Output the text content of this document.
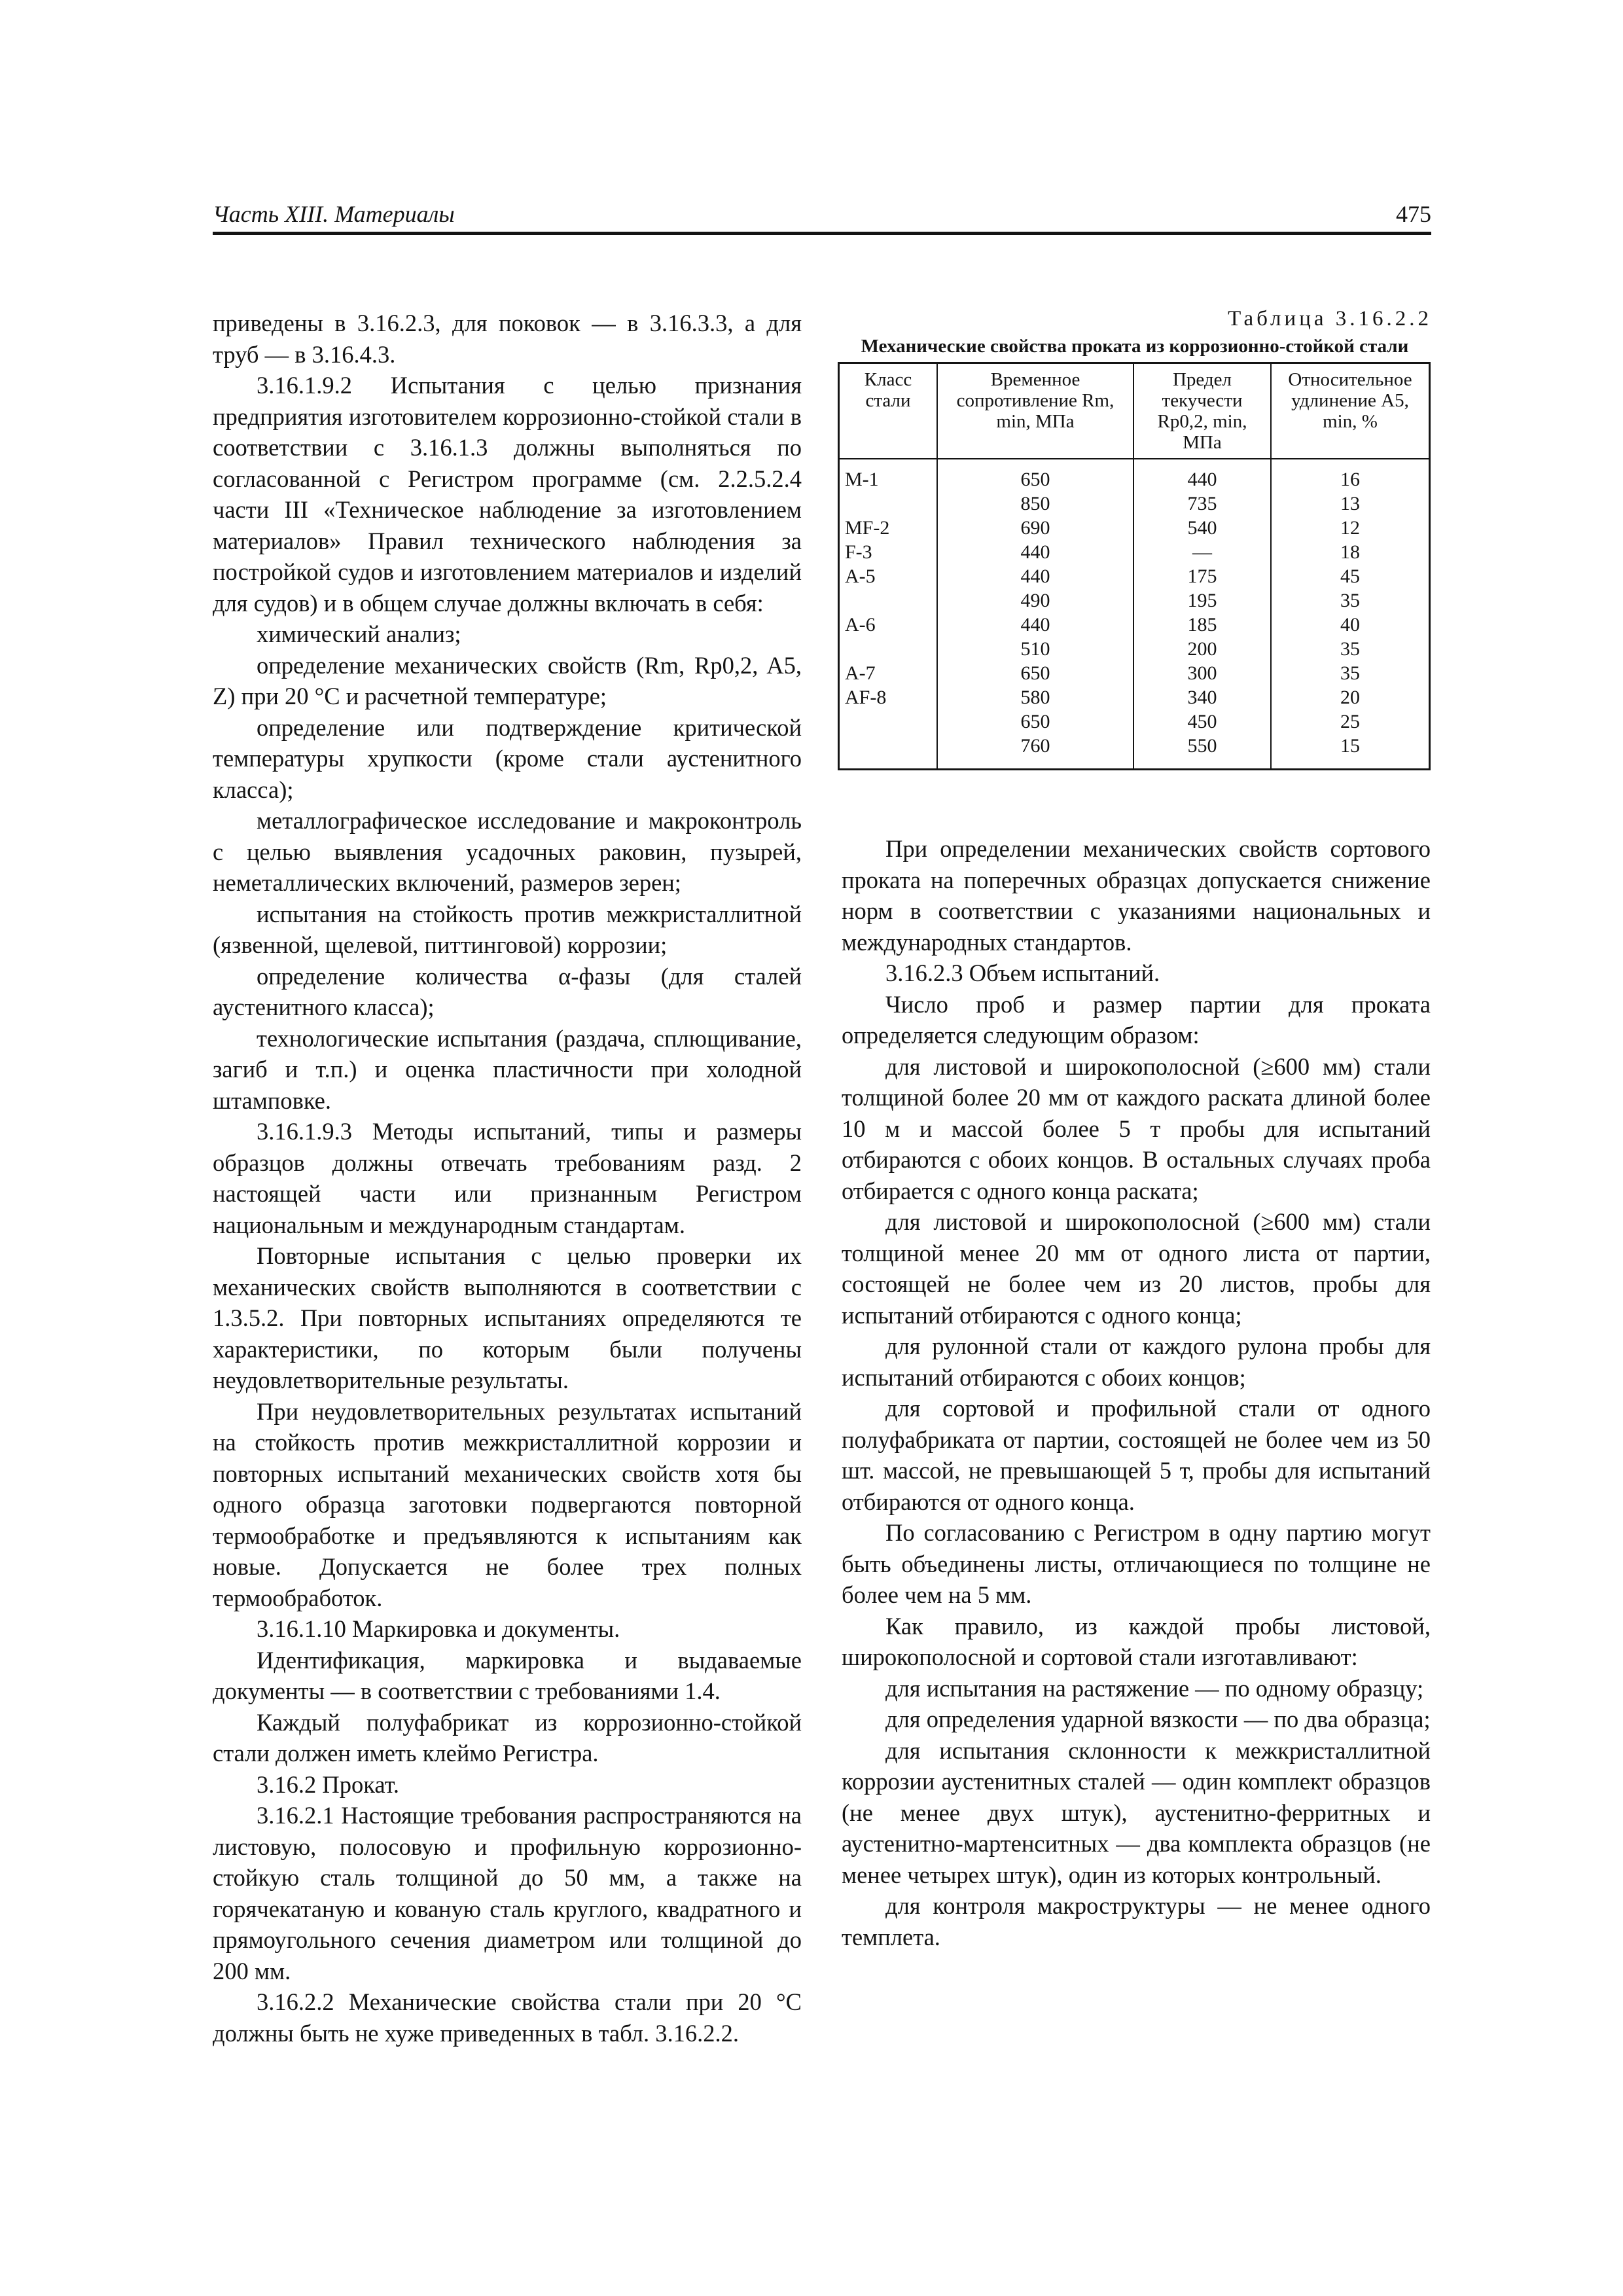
Часть XIII. Материалы	475

приведены в 3.16.2.3, для поковок — в 3.16.3.3, а для труб — в 3.16.4.3.

3.16.1.9.2 Испытания с целью признания предприятия изготовителем коррозионно-стойкой стали в соответствии с 3.16.1.3 должны выполняться по согласованной с Регистром программе (см. 2.2.5.2.4 части III «Техническое наблюдение за изготовлением материалов» Правил технического наблюдения за постройкой судов и изготовлением материалов и изделий для судов) и в общем случае должны включать в себя:

химический анализ;

определение механических свойств (Rm, Rp0,2, A5, Z) при 20 °C и расчетной температуре;

определение или подтверждение критической температуры хрупкости (кроме стали аустенитного класса);

металлографическое исследование и макроконтроль с целью выявления усадочных раковин, пузырей, неметаллических включений, размеров зерен;

испытания на стойкость против межкристаллитной (язвенной, щелевой, питтинговой) коррозии;

определение количества α-фазы (для сталей аустенитного класса);

технологические испытания (раздача, сплющивание, загиб и т.п.) и оценка пластичности при холодной штамповке.

3.16.1.9.3 Методы испытаний, типы и размеры образцов должны отвечать требованиям разд. 2 настоящей части или признанным Регистром национальным и международным стандартам.

Повторные испытания с целью проверки их механических свойств выполняются в соответствии с 1.3.5.2. При повторных испытаниях определяются те характеристики, по которым были получены неудовлетворительные результаты.

При неудовлетворительных результатах испытаний на стойкость против межкристаллитной коррозии и повторных испытаний механических свойств хотя бы одного образца заготовки подвергаются повторной термообработке и предъявляются к испытаниям как новые. Допускается не более трех полных термообработок.

3.16.1.10 Маркировка и документы.

Идентификация, маркировка и выдаваемые документы — в соответствии с требованиями 1.4.

Каждый полуфабрикат из коррозионно-стойкой стали должен иметь клеймо Регистра.

3.16.2 Прокат.

3.16.2.1 Настоящие требования распространяются на листовую, полосовую и профильную коррозионно-стойкую сталь толщиной до 50 мм, а также на горячекатаную и кованую сталь круглого, квадратного и прямоугольного сечения диаметром или толщиной до 200 мм.

3.16.2.2 Механические свойства стали при 20 °C должны быть не хуже приведенных в табл. 3.16.2.2.

Таблица 3.16.2.2
Механические свойства проката из коррозионно-стойкой стали
Класс стали	Временное сопротивление Rm, min, МПа	Предел текучести Rp0,2, min, МПа	Относительное удлинение A5, min, %
M-1	650	440	16
	850	735	13
MF-2	690	540	12
F-3	440	—	18
A-5	440	175	45
	490	195	35
A-6	440	185	40
	510	200	35
A-7	650	300	35
AF-8	580	340	20
	650	450	25
	760	550	15

При определении механических свойств сортового проката на поперечных образцах допускается снижение норм в соответствии с указаниями национальных и международных стандартов.

3.16.2.3 Объем испытаний.

Число проб и размер партии для проката определяется следующим образом:

для листовой и широкополосной (≥600 мм) стали толщиной более 20 мм от каждого раската длиной более 10 м и массой более 5 т пробы для испытаний отбираются с обоих концов. В остальных случаях проба отбирается с одного конца раската;

для листовой и широкополосной (≥600 мм) стали толщиной менее 20 мм от одного листа от партии, состоящей не более чем из 20 листов, пробы для испытаний отбираются с одного конца;

для рулонной стали от каждого рулона пробы для испытаний отбираются с обоих концов;

для сортовой и профильной стали от одного полуфабриката от партии, состоящей не более чем из 50 шт. массой, не превышающей 5 т, пробы для испытаний отбираются от одного конца.

По согласованию с Регистром в одну партию могут быть объединены листы, отличающиеся по толщине не более чем на 5 мм.

Как правило, из каждой пробы листовой, широкополосной и сортовой стали изготавливают:

для испытания на растяжение — по одному образцу;

для определения ударной вязкости — по два образца;

для испытания склонности к межкристаллитной коррозии аустенитных сталей — один комплект образцов (не менее двух штук), аустенитно-ферритных и аустенитно-мартенситных — два комплекта образцов (не менее четырех штук), один из которых контрольный.

для контроля макроструктуры — не менее одного темплета.
